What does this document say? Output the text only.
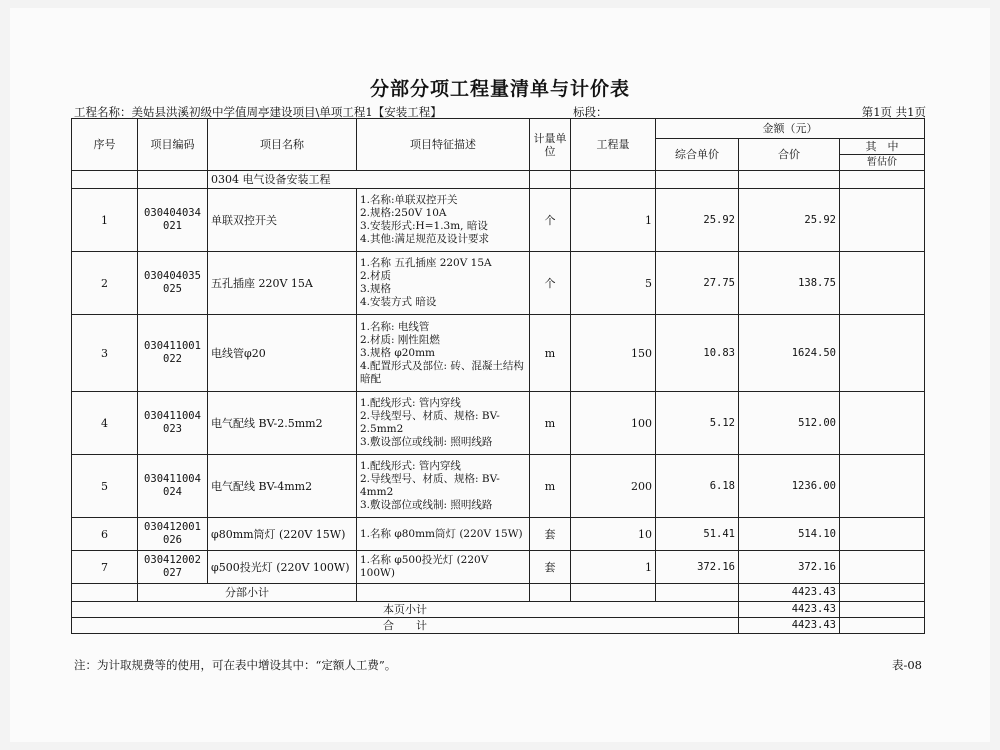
分部分项工程量清单与计价表
工程名称：美姑县洪溪初级中学值周亭建设项目\单项工程1【安装工程】	标段：	第1页 共1页
序号	项目编码	项目名称	项目特征描述	计量单位	工程量	金额（元）		
						综合单价	合价	其　中
								暂估价
		0304 电气设备安装工程						
1	030404034021	单联双控开关	1.名称:单联双控开关
2.规格:250V 10A
3.安装形式:H=1.3m, 暗设
4.其他:满足规范及设计要求	个	1	25.92	25.92	
2	030404035025	五孔插座 220V 15A	1.名称 五孔插座 220V 15A
2.材质
3.规格
4.安装方式 暗设	个	5	27.75	138.75	
3	030411001022	电线管φ20	1.名称: 电线管
2.材质: 刚性阻燃
3.规格 φ20mm
4.配置形式及部位: 砖、混凝土结构暗配	m	150	10.83	1624.50	
4	030411004023	电气配线 BV-2.5mm2	1.配线形式: 管内穿线
2.导线型号、材质、规格: BV-2.5mm2
3.敷设部位或线制: 照明线路	m	100	5.12	512.00	
5	030411004024	电气配线 BV-4mm2	1.配线形式: 管内穿线
2.导线型号、材质、规格: BV-4mm2
3.敷设部位或线制: 照明线路	m	200	6.18	1236.00	
6	030412001026	φ80mm筒灯 (220V 15W)	1.名称 φ80mm筒灯 (220V 15W)	套	10	51.41	514.10	
7	030412002027	φ500投光灯 (220V 100W)	1.名称 φ500投光灯 (220V 100W)	套	1	372.16	372.16	
	分部小计						4423.43	
本页小计							4423.43	
合　　计							4423.43	
注：为计取规费等的使用，可在表中增设其中：“定额人工费”。	表-08
